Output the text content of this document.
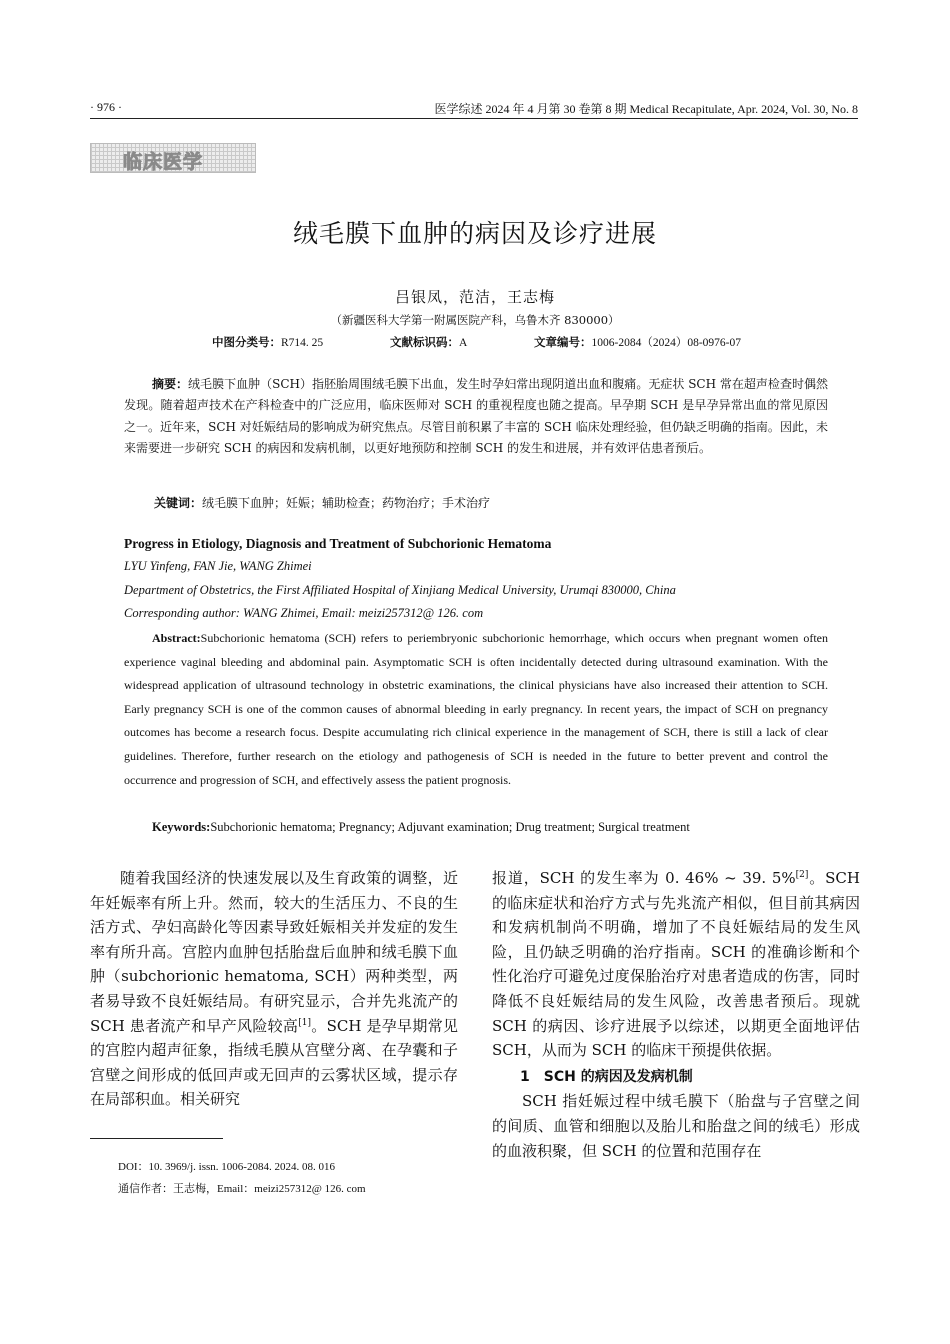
· 976 ·	医学综述 2024 年 4 月第 30 卷第 8 期 Medical Recapitulate, Apr. 2024, Vol. 30, No. 8
临床医学
绒毛膜下血肿的病因及诊疗进展
吕银凤，范洁，王志梅
（新疆医科大学第一附属医院产科，乌鲁木齐 830000）
中图分类号：R714. 25	文献标识码：A	文章编号：1006-2084（2024）08-0976-07
摘要：绒毛膜下血肿（SCH）指胚胎周围绒毛膜下出血，发生时孕妇常出现阴道出血和腹痛。无症状 SCH 常在超声检查时偶然发现。随着超声技术在产科检查中的广泛应用，临床医师对 SCH 的重视程度也随之提高。早孕期 SCH 是早孕异常出血的常见原因之一。近年来，SCH 对妊娠结局的影响成为研究焦点。尽管目前积累了丰富的 SCH 临床处理经验，但仍缺乏明确的指南。因此，未来需要进一步研究 SCH 的病因和发病机制，以更好地预防和控制 SCH 的发生和进展，并有效评估患者预后。
关键词：绒毛膜下血肿；妊娠；辅助检查；药物治疗；手术治疗
Progress in Etiology, Diagnosis and Treatment of Subchorionic Hematoma
LYU Yinfeng, FAN Jie, WANG Zhimei
Department of Obstetrics, the First Affiliated Hospital of Xinjiang Medical University, Urumqi 830000, China
Corresponding author: WANG Zhimei, Email: meizi257312@ 126. com
Abstract:Subchorionic hematoma (SCH) refers to periembryonic subchorionic hemorrhage, which occurs when pregnant women often experience vaginal bleeding and abdominal pain. Asymptomatic SCH is often incidentally detected during ultrasound examination. With the widespread application of ultrasound technology in obstetric examinations, the clinical physicians have also increased their attention to SCH. Early pregnancy SCH is one of the common causes of abnormal bleeding in early pregnancy. In recent years, the impact of SCH on pregnancy outcomes has become a research focus. Despite accumulating rich clinical experience in the management of SCH, there is still a lack of clear guidelines. Therefore, further research on the etiology and pathogenesis of SCH is needed in the future to better prevent and control the occurrence and progression of SCH, and effectively assess the patient prognosis.
Keywords:Subchorionic hematoma; Pregnancy; Adjuvant examination; Drug treatment; Surgical treatment

随着我国经济的快速发展以及生育政策的调整，近年妊娠率有所上升。然而，较大的生活压力、不良的生活方式、孕妇高龄化等因素导致妊娠相关并发症的发生率有所升高。宫腔内血肿包括胎盘后血肿和绒毛膜下血肿（subchorionic hematoma, SCH）两种类型，两者易导致不良妊娠结局。有研究显示，合并先兆流产的 SCH 患者流产和早产风险较高[1]。SCH 是孕早期常见的宫腔内超声征象，指绒毛膜从宫壁分离、在孕囊和子宫壁之间形成的低回声或无回声的云雾状区域，提示存在局部积血。相关研究

报道，SCH 的发生率为 0. 46% ~ 39. 5%[2]。SCH 的临床症状和治疗方式与先兆流产相似，但目前其病因和发病机制尚不明确，增加了不良妊娠结局的发生风险，且仍缺乏明确的治疗指南。SCH 的准确诊断和个性化治疗可避免过度保胎治疗对患者造成的伤害，同时降低不良妊娠结局的发生风险，改善患者预后。现就 SCH 的病因、诊疗进展予以综述，以期更全面地评估 SCH，从而为 SCH 的临床干预提供依据。

1　SCH 的病因及发病机制

SCH 指妊娠过程中绒毛膜下（胎盘与子宫壁之间的间质、血管和细胞以及胎儿和胎盘之间的绒毛）形成的血液积聚，但 SCH 的位置和范围存在

DOI：10. 3969/j. issn. 1006-2084. 2024. 08. 016
通信作者：王志梅，Email：meizi257312@ 126. com
